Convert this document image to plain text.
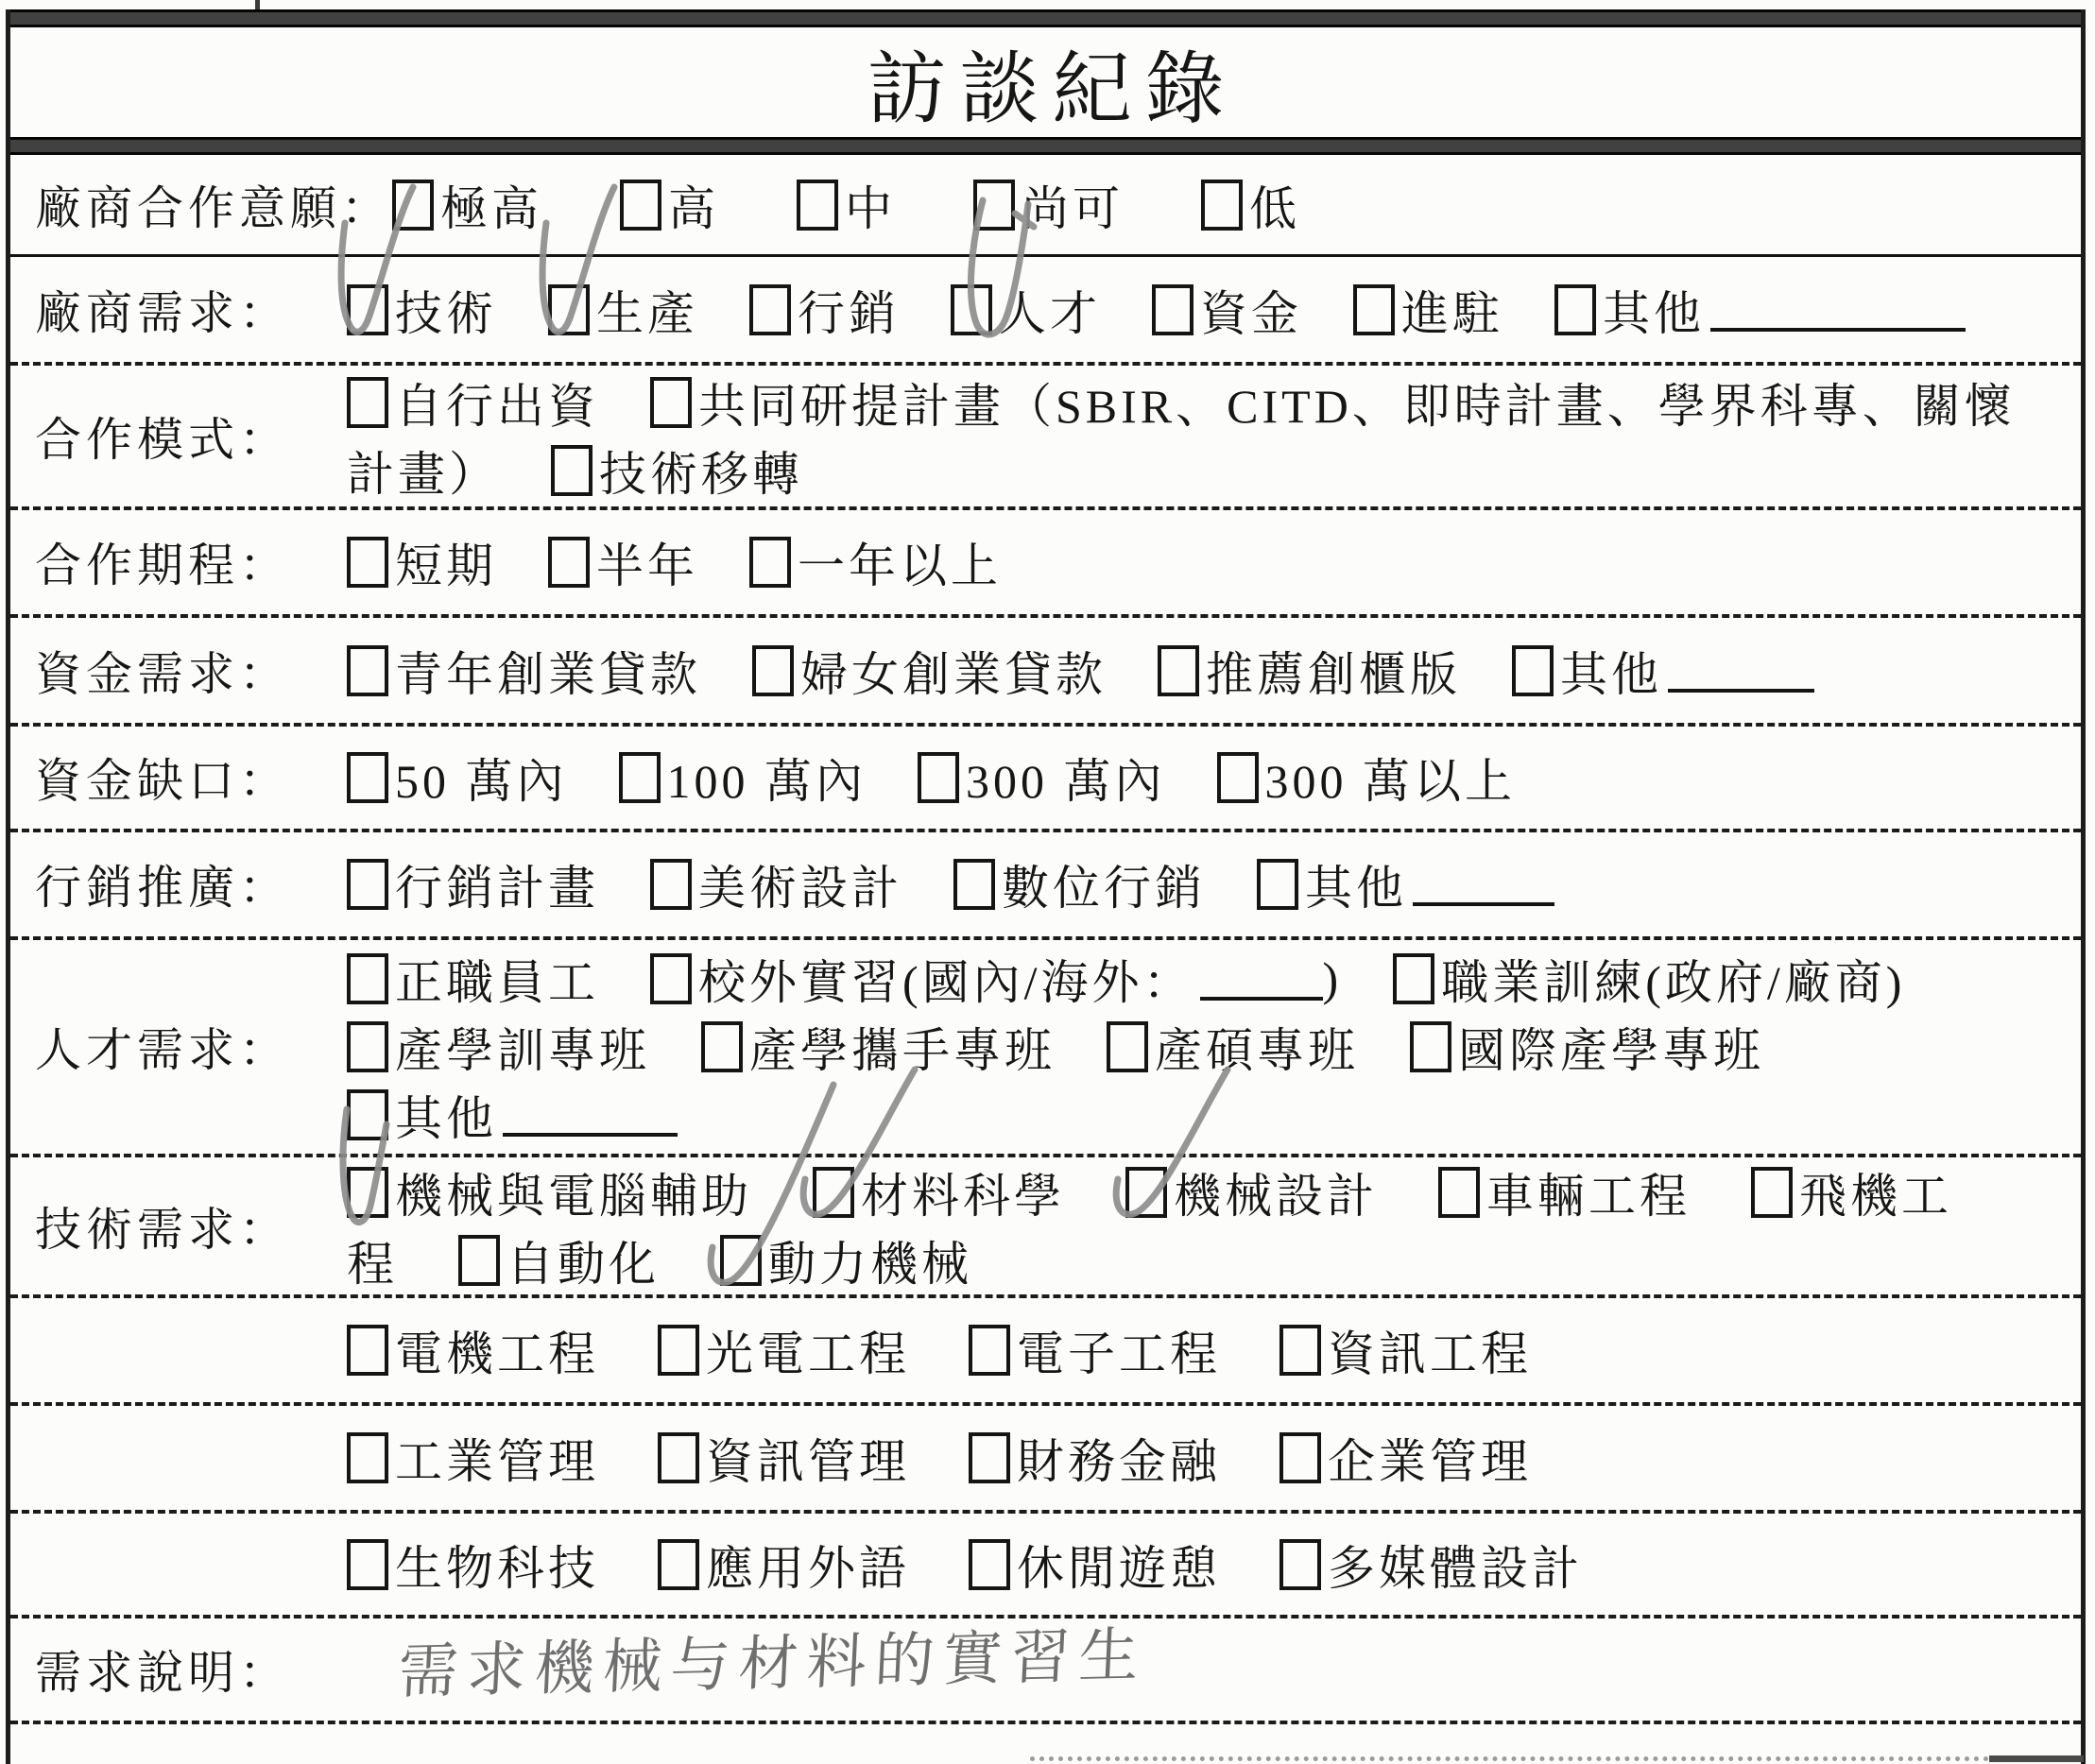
訪談紀錄
廠商合作意願： 極高	高	中	尚可	低
廠商需求：	技術 生產 行銷 人才 資金 進駐 其他
合作模式：
自行出資 共同研提計畫（SBIR、CITD、即時計畫、學界科專、關懷
計畫） 技術移轉
合作期程：	短期 半年 一年以上
資金需求：	青年創業貸款 婦女創業貸款 推薦創櫃版 其他
資金缺口：	50 萬內 100 萬內 300 萬內 300 萬以上
行銷推廣：	行銷計畫 美術設計 數位行銷 其他
人才需求：
正職員工 校外實習(國內/海外：	) 職業訓練(政府/廠商)
產學訓專班 產學攜手專班 產碩專班 國際產學專班
其他
技術需求：
機械與電腦輔助 材料科學 機械設計 車輛工程 飛機工
程 自動化 動力機械
電機工程 光電工程 電子工程 資訊工程
工業管理 資訊管理 財務金融 企業管理
生物科技 應用外語 休閒遊憩 多媒體設計
需求說明：	需求機械与材料的實習生
